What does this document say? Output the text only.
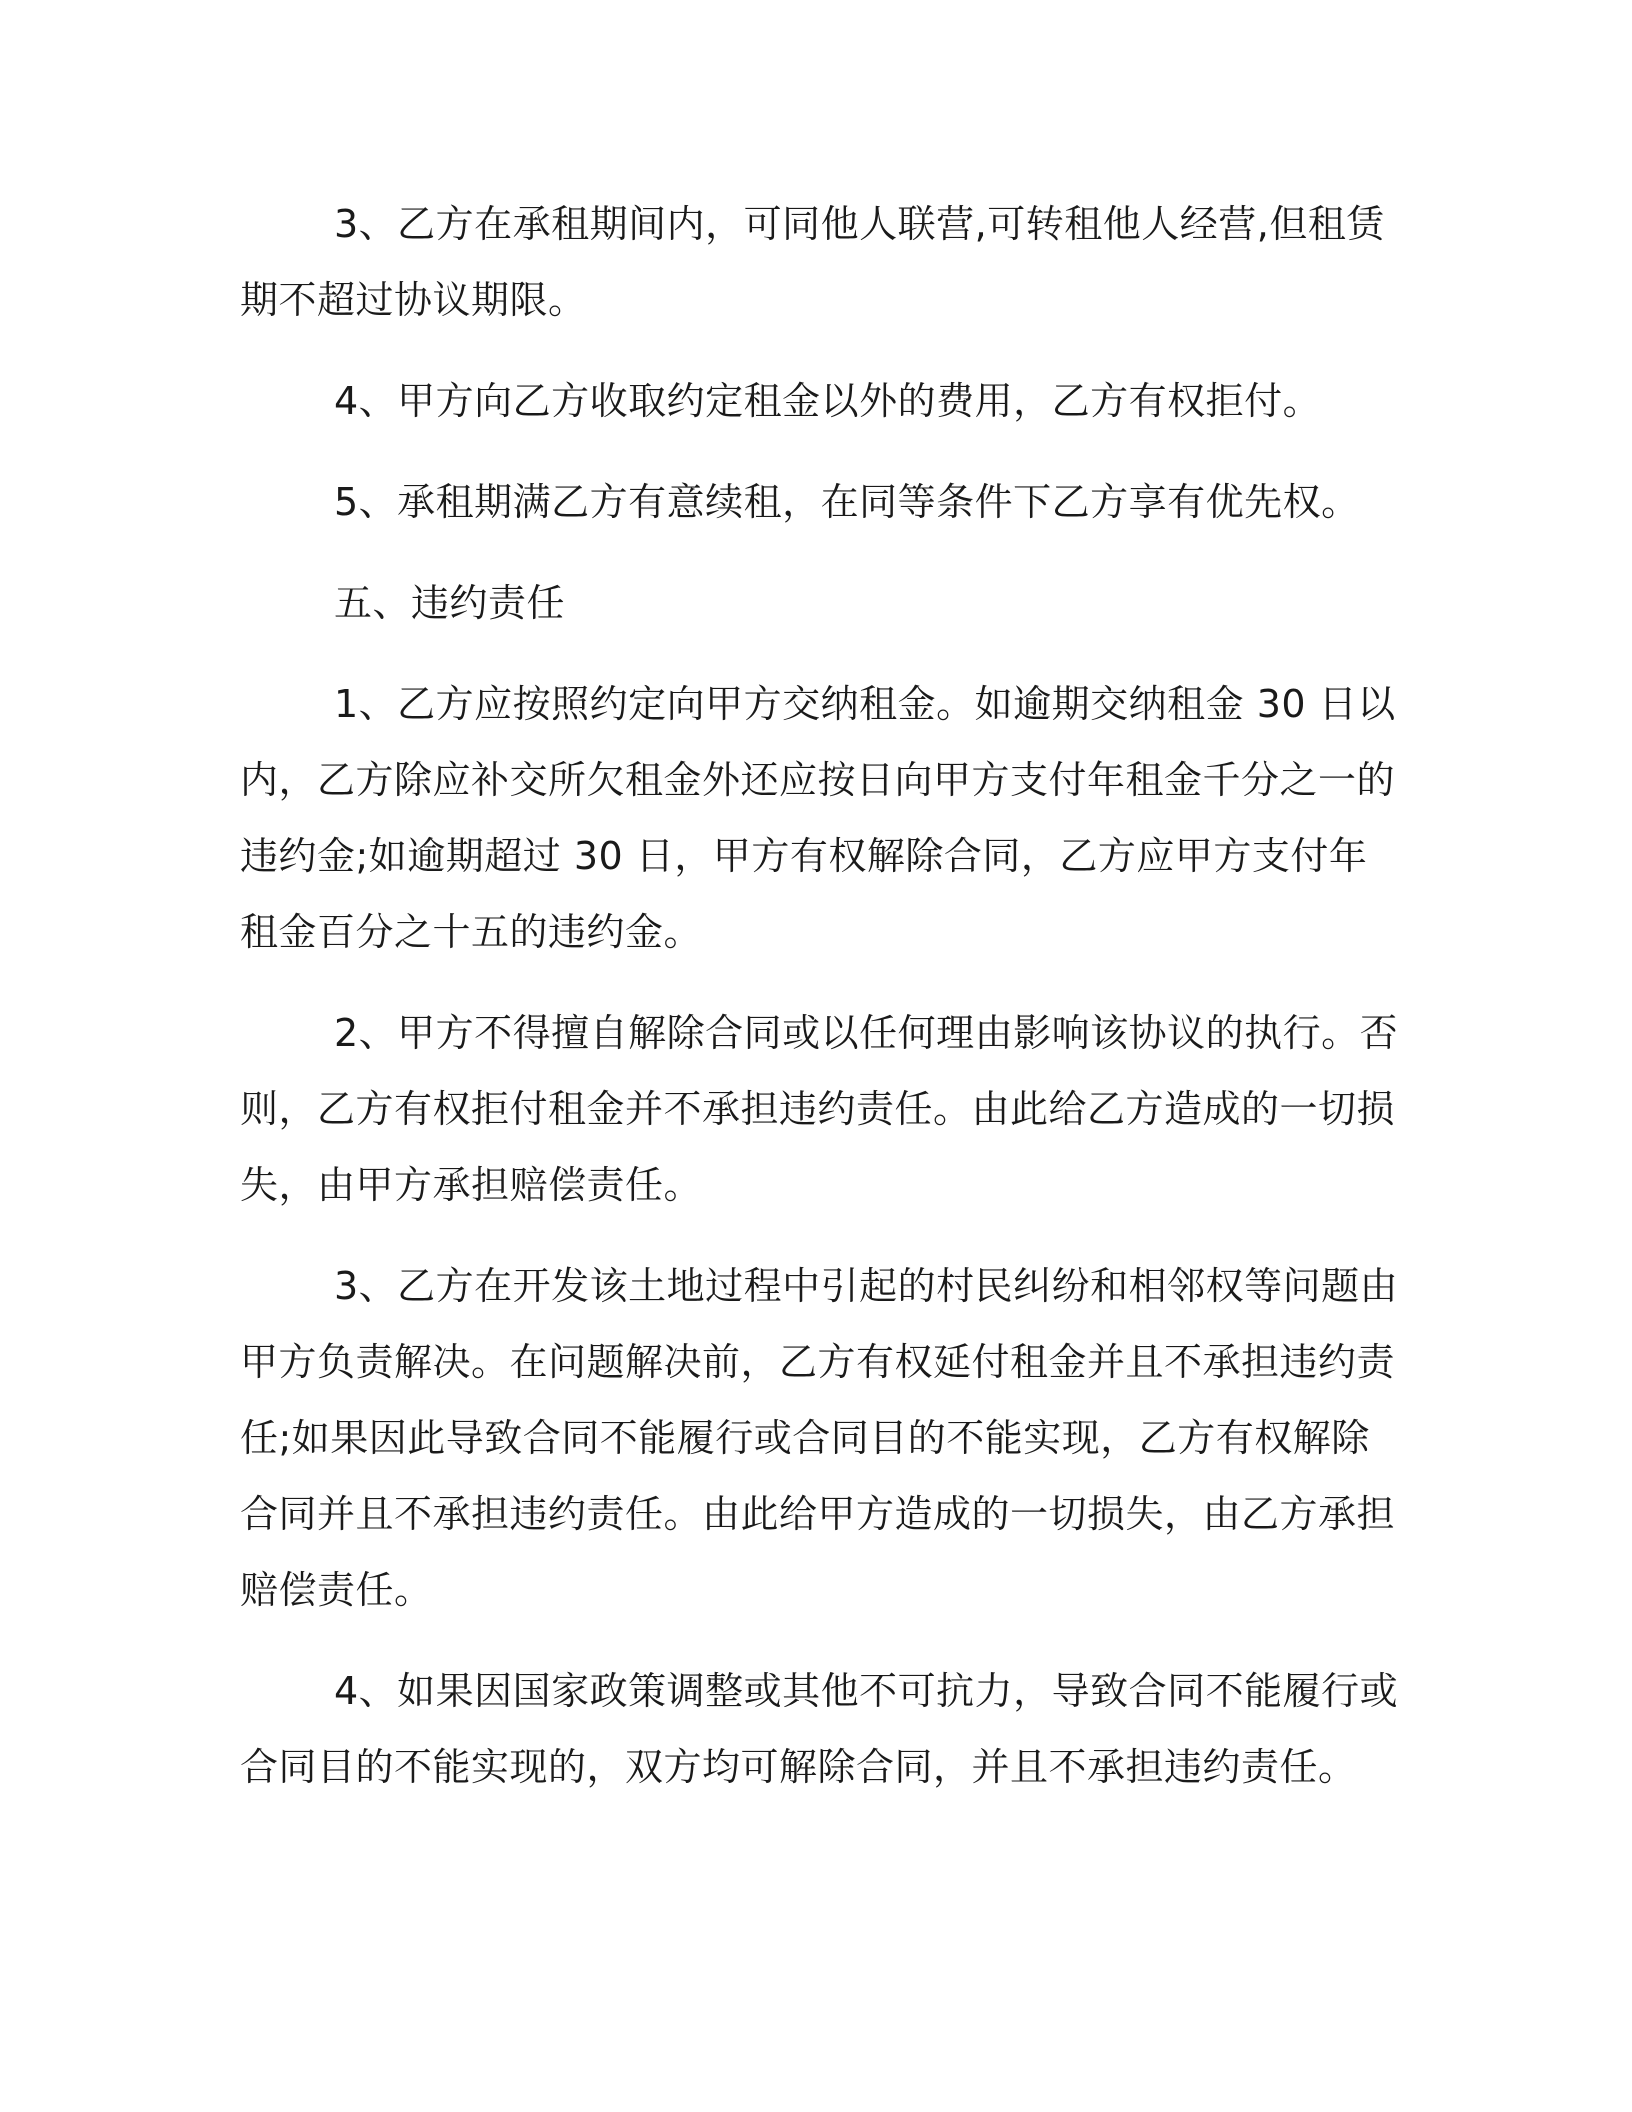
3、乙方在承租期间内，可同他人联营,可转租他人经营,但租赁期不超过协议期限。

4、甲方向乙方收取约定租金以外的费用，乙方有权拒付。

5、承租期满乙方有意续租，在同等条件下乙方享有优先权。

五、违约责任

1、乙方应按照约定向甲方交纳租金。如逾期交纳租金 30 日以内，乙方除应补交所欠租金外还应按日向甲方支付年租金千分之一的违约金;如逾期超过 30 日，甲方有权解除合同，乙方应甲方支付年租金百分之十五的违约金。

2、甲方不得擅自解除合同或以任何理由影响该协议的执行。否则，乙方有权拒付租金并不承担违约责任。由此给乙方造成的一切损失，由甲方承担赔偿责任。

3、乙方在开发该土地过程中引起的村民纠纷和相邻权等问题由甲方负责解决。在问题解决前，乙方有权延付租金并且不承担违约责任;如果因此导致合同不能履行或合同目的不能实现，乙方有权解除合同并且不承担违约责任。由此给甲方造成的一切损失，由乙方承担赔偿责任。

4、如果因国家政策调整或其他不可抗力，导致合同不能履行或合同目的不能实现的，双方均可解除合同，并且不承担违约责任。
